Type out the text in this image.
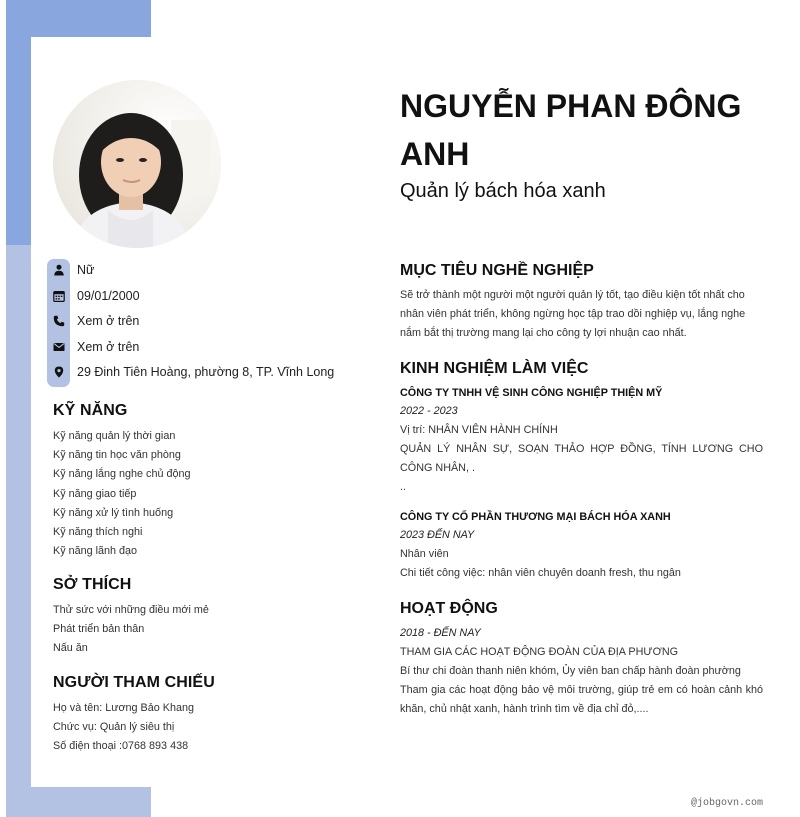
Nữ
09/01/2000
Xem ở trên
Xem ở trên
29 Đinh Tiên Hoàng, phường 8, TP. Vĩnh Long
KỸ NĂNG
Kỹ năng quản lý thời gian
Kỹ năng tin học văn phòng
Kỹ năng lắng nghe chủ động
Kỹ năng giao tiếp
Kỹ năng xử lý tình huống
Kỹ năng thích nghi
Kỹ năng lãnh đạo
SỞ THÍCH
Thử sức với những điều mới mẻ
Phát triển bản thân
Nấu ăn
NGƯỜI THAM CHIẾU
Họ và tên: Lương Bảo Khang
Chức vụ: Quản lý siêu thị
Số điện thoại :0768 893 438
NGUYỄN PHAN ĐÔNG ANH
Quản lý bách hóa xanh
MỤC TIÊU NGHỀ NGHIỆP
Sẽ trở thành một người một người quản lý tốt, tạo điều kiện tốt nhất cho nhân viên phát triển, không ngừng học tập trao dồi nghiệp vụ, lắng nghe nắm bắt thị trường mang lại cho công ty lợi nhuận cao nhất.
KINH NGHIỆM LÀM VIỆC
CÔNG TY TNHH VỆ SINH CÔNG NGHIỆP THIỆN MỸ
2022 - 2023
Vị trí: NHÂN VIÊN HÀNH CHÍNH
QUẢN LÝ NHÂN SỰ, SOẠN THẢO HỢP ĐỒNG, TÍNH LƯƠNG CHO CÔNG NHÂN, .
..
CÔNG TY CỔ PHẦN THƯƠNG MẠI BÁCH HÓA XANH
2023 ĐẾN NAY
Nhân viên
Chi tiết công việc: nhân viên chuyên doanh fresh, thu ngân
HOẠT ĐỘNG
2018 - ĐẾN NAY
THAM GIA CÁC HOẠT ĐỘNG ĐOÀN CỦA ĐỊA PHƯƠNG
Bí thư chi đoàn thanh niên khóm, Ủy viên ban chấp hành đoàn phường
Tham gia các hoạt động bảo vệ môi trường, giúp trẻ em có hoàn cảnh khó khăn, chủ nhật xanh, hành trình tìm về địa chỉ đỏ,....
@jobgovn.com
